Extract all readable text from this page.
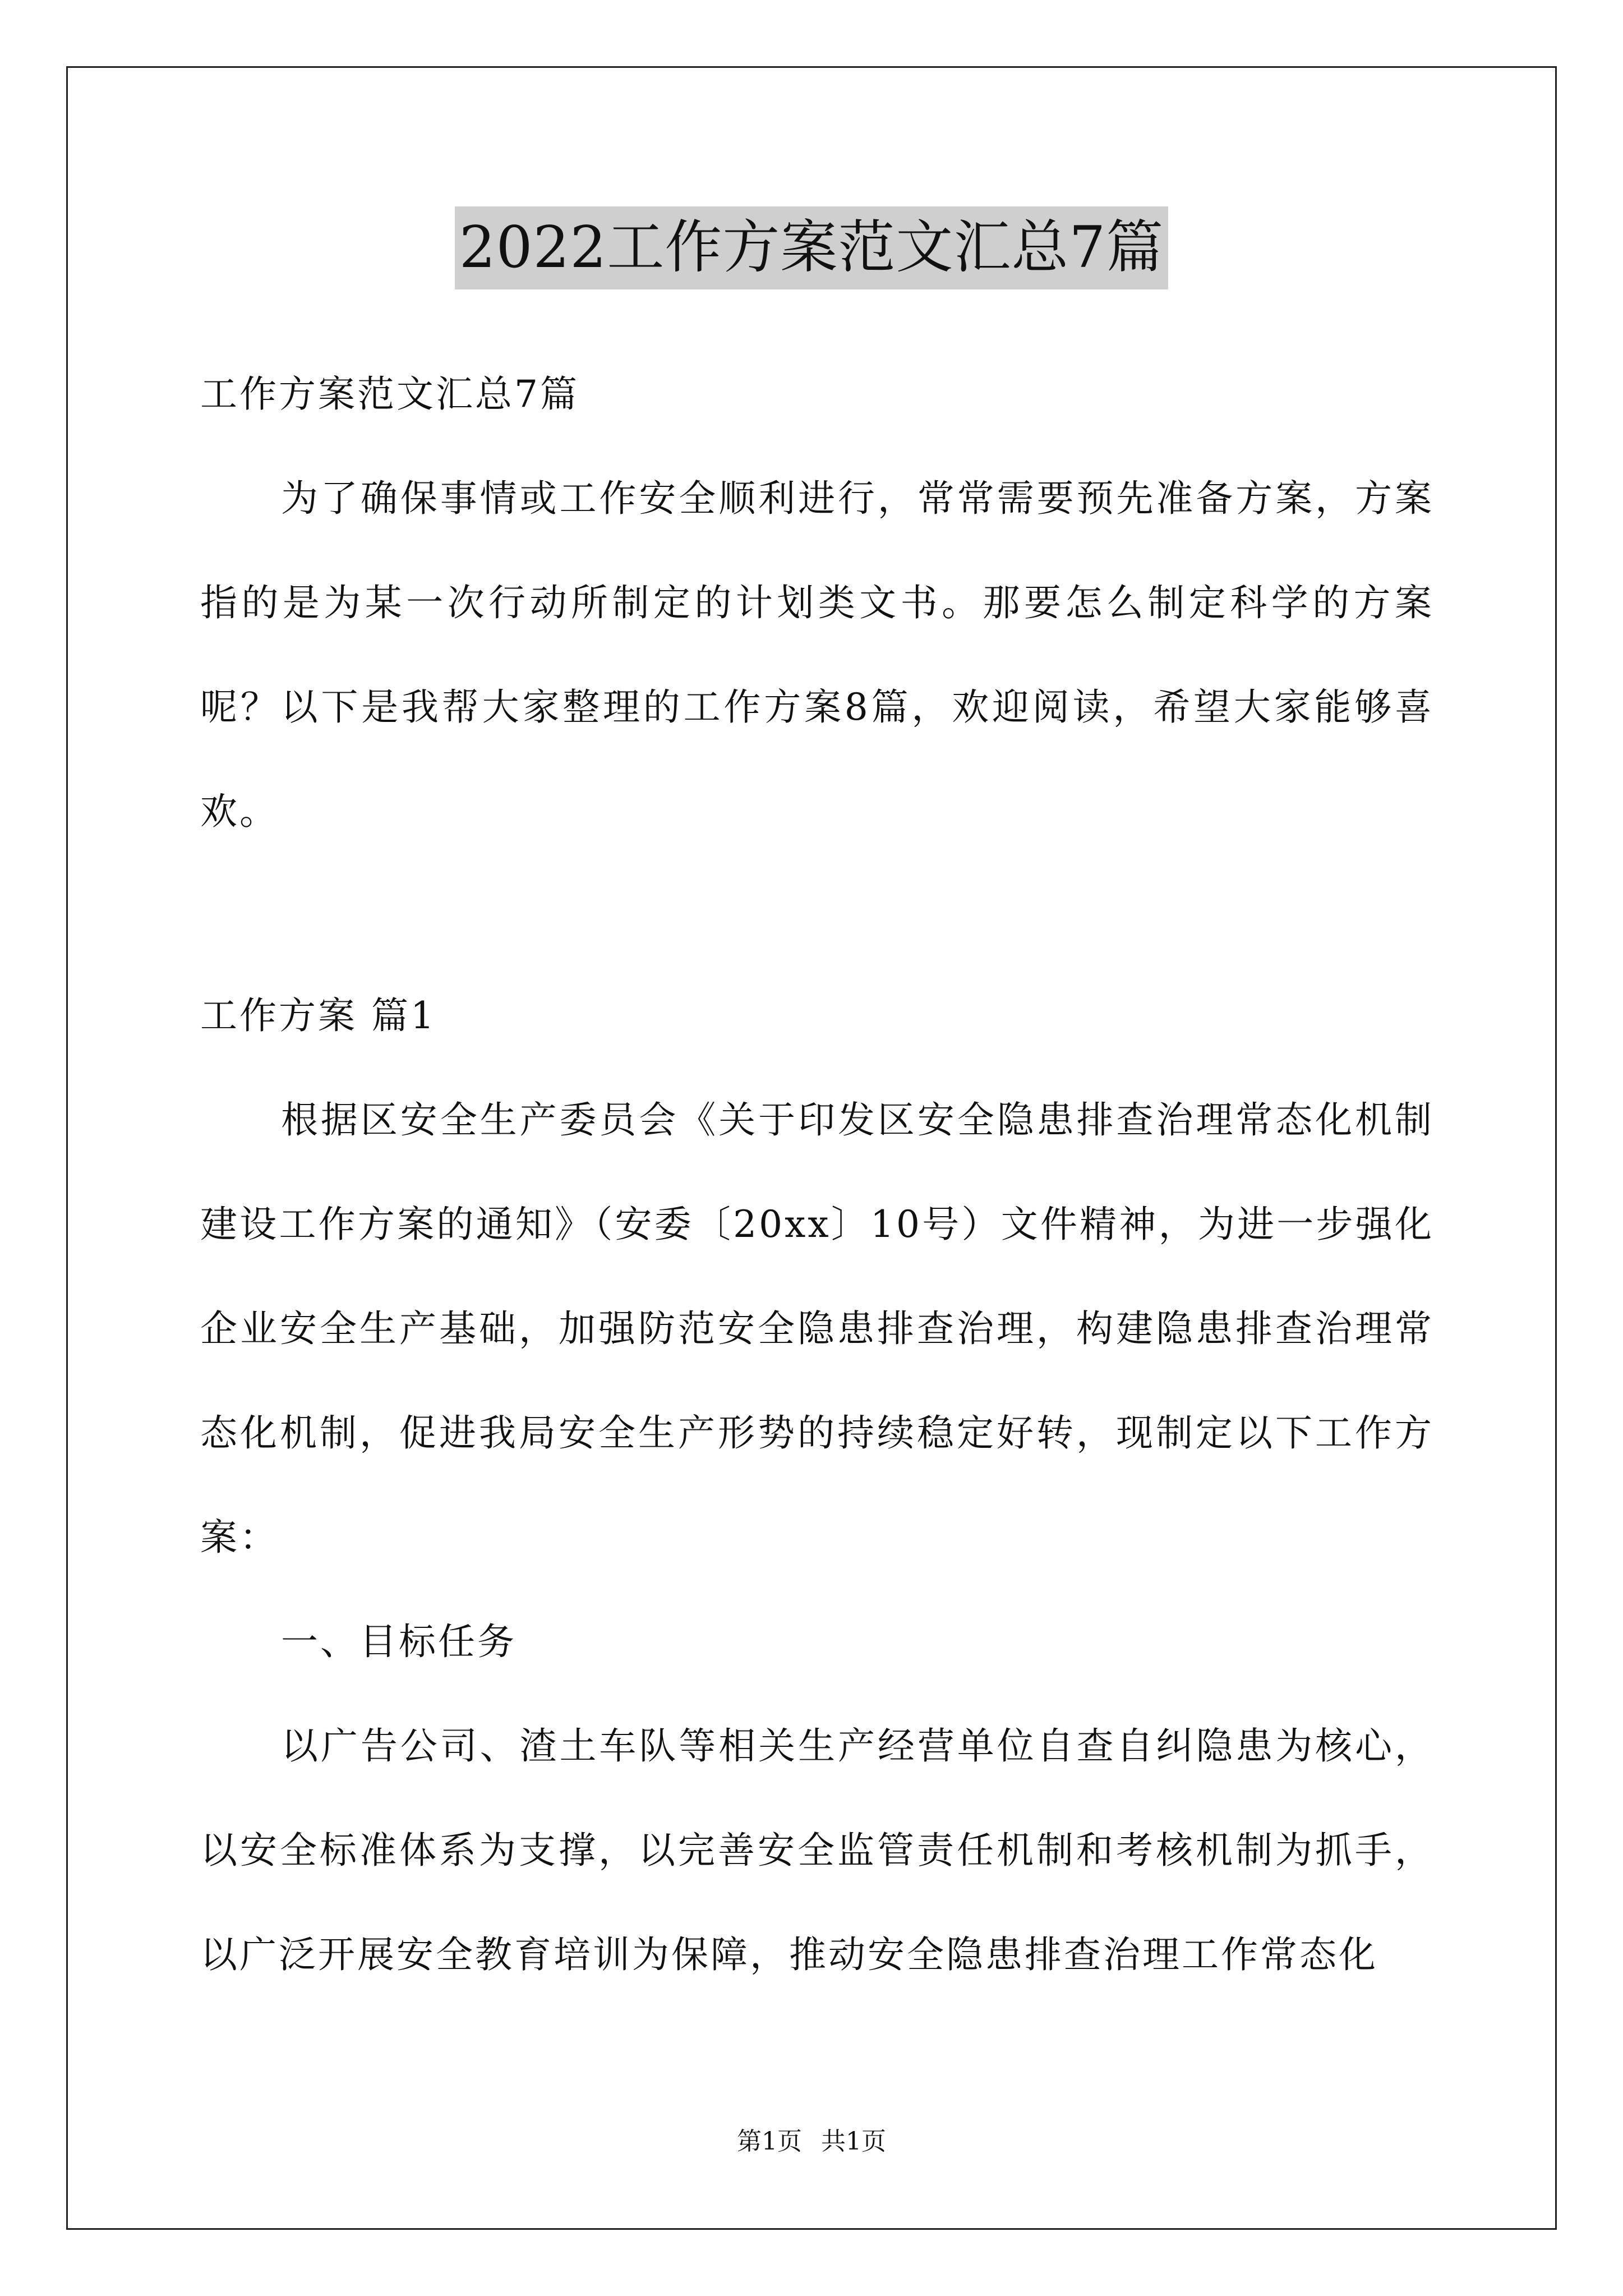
2022工作方案范文汇总7篇

工作方案范文汇总7篇

为了确保事情或工作安全顺利进行，常常需要预先准备方案，方案指的是为某一次行动所制定的计划类文书。那要怎么制定科学的方案呢？以下是我帮大家整理的工作方案8篇，欢迎阅读，希望大家能够喜欢。

工作方案 篇1

根据区安全生产委员会《关于印发区安全隐患排查治理常态化机制建设工作方案的通知》（安委〔20xx〕10号）文件精神，为进一步强化企业安全生产基础，加强防范安全隐患排查治理，构建隐患排查治理常态化机制，促进我局安全生产形势的持续稳定好转，现制定以下工作方案：

一、目标任务

以广告公司、渣土车队等相关生产经营单位自查自纠隐患为核心，以安全标准体系为支撑，以完善安全监管责任机制和考核机制为抓手，以广泛开展安全教育培训为保障，推动安全隐患排查治理工作常态化

第1页 共1页
